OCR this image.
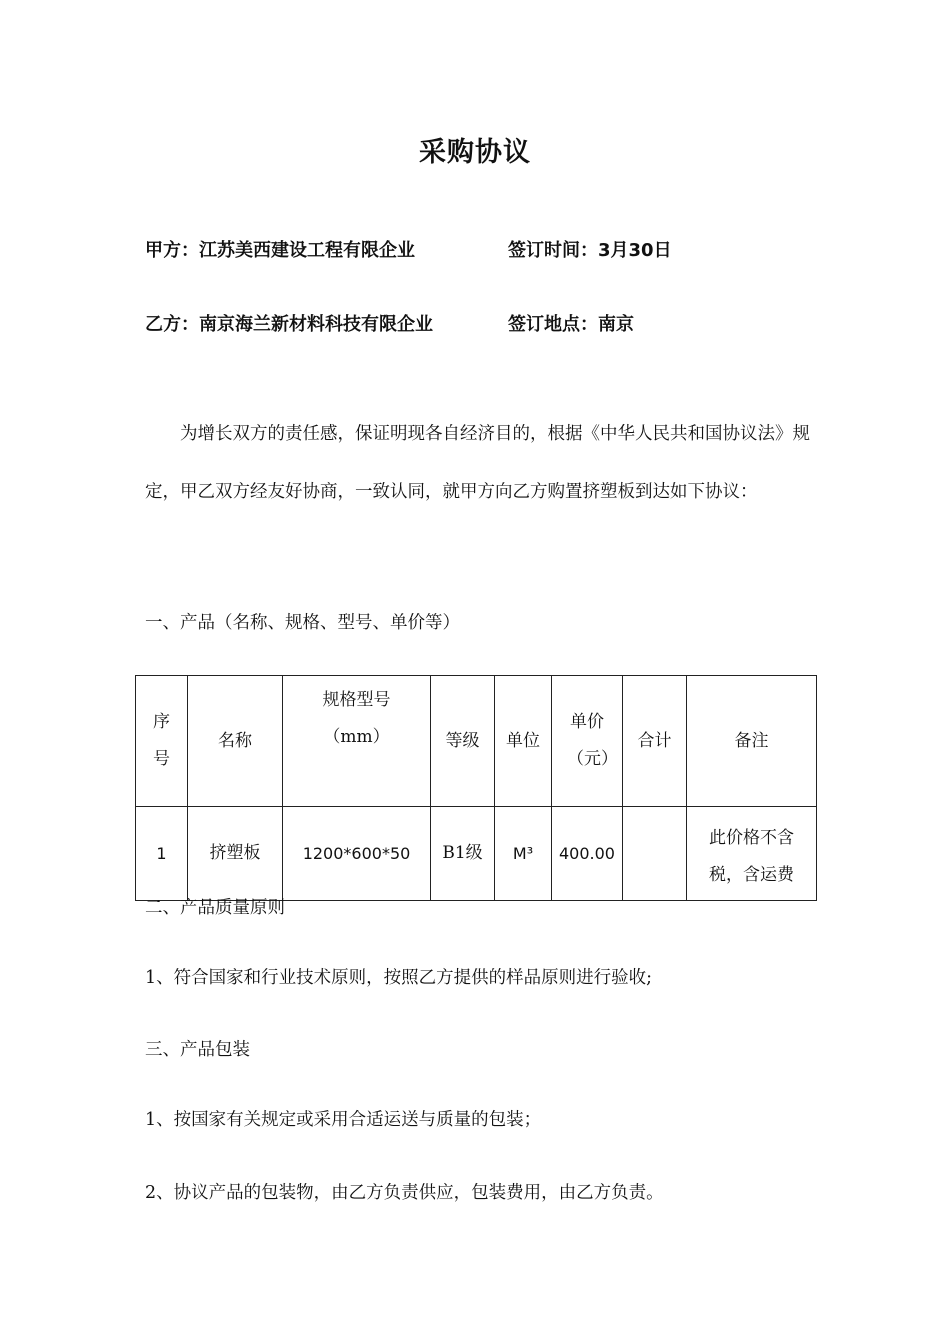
采购协议
甲方：江苏美西建设工程有限企业	签订时间：3月30日
乙方：南京海兰新材料科技有限企业	签订地点：南京
为增长双方的责任感，保证明现各自经济目的，根据《中华人民共和国协议法》规定，甲乙双方经友好协商，一致认同，就甲方向乙方购置挤塑板到达如下协议：
一、产品（名称、规格、型号、单价等）
序号	名称	规格型号（mm）	等级	单位	单价（元）	合计	备注
1	挤塑板	1200*600*50	B1级	M³	400.00		此价格不含税，含运费
二、产品质量原则
1、符合国家和行业技术原则，按照乙方提供的样品原则进行验收;
三、产品包装
1、按国家有关规定或采用合适运送与质量的包装；
2、协议产品的包装物，由乙方负责供应，包装费用，由乙方负责。
